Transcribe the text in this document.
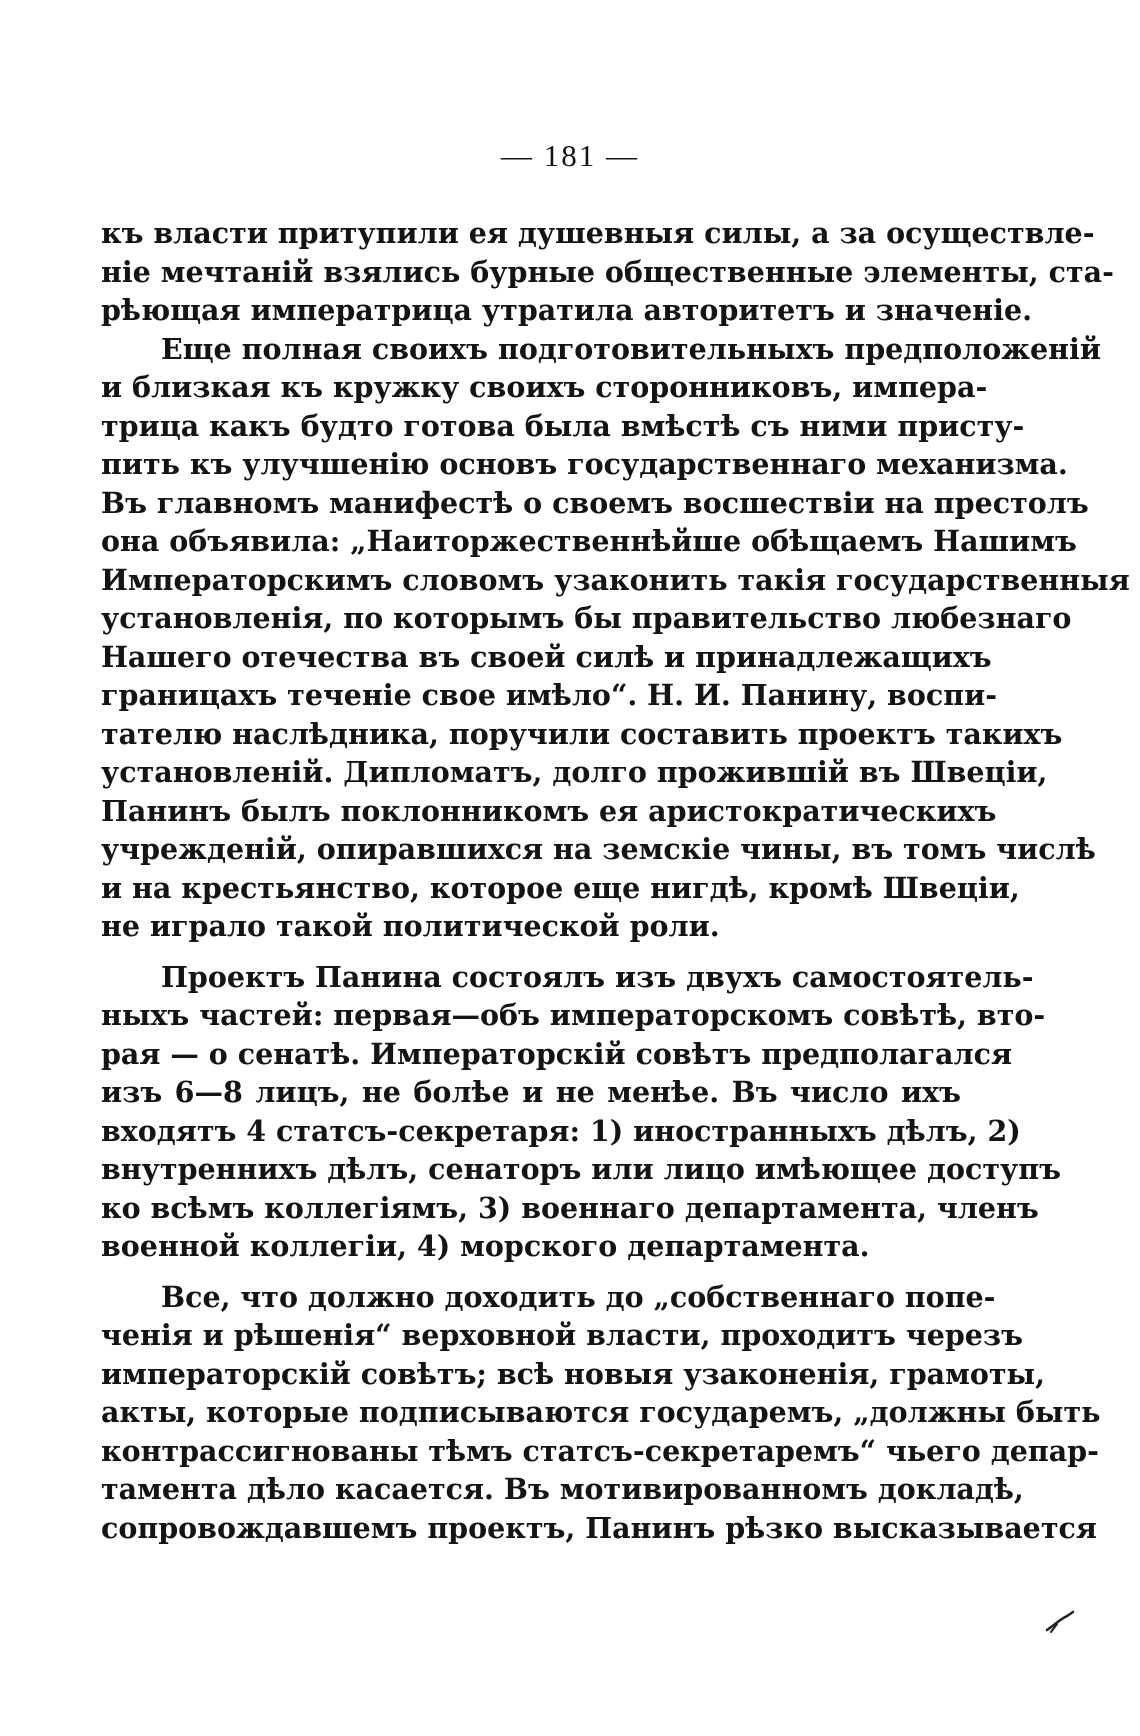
— 181 —
къ власти притупили ея душевныя силы, а за осуществле-
ніе мечтаній взялись бурные общественные элементы, ста-
рѣющая императрица утратила авторитетъ и значеніе.
Еще полная своихъ подготовительныхъ предположеній
и близкая къ кружку своихъ сторонниковъ, импера-
трица какъ будто готова была вмѣстѣ съ ними присту-
пить къ улучшенію основъ государственнаго механизма.
Въ главномъ манифестѣ о своемъ восшествіи на престолъ
она объявила: „Наиторжественнѣйше обѣщаемъ Нашимъ
Императорскимъ словомъ узаконить такія государственныя
установленія, по которымъ бы правительство любезнаго
Нашего отечества въ своей силѣ и принадлежащихъ
границахъ теченіе свое имѣло“. Н. И. Панину, воспи-
тателю наслѣдника, поручили составить проектъ такихъ
установленій. Дипломатъ, долго прожившій въ Швеціи,
Панинъ былъ поклонникомъ ея аристократическихъ
учрежденій, опиравшихся на земскіе чины, въ томъ числѣ
и на крестьянство, которое еще нигдѣ, кромѣ Швеціи,
не играло такой политической роли.
Проектъ Панина состоялъ изъ двухъ самостоятель-
ныхъ частей: первая—объ императорскомъ совѣтѣ, вто-
рая — о сенатѣ. Императорскій совѣтъ предполагался
изъ 6—8 лицъ, не болѣе и не менѣе. Въ число ихъ
входятъ 4 статсъ-секретаря: 1) иностранныхъ дѣлъ, 2)
внутреннихъ дѣлъ, сенаторъ или лицо имѣющее доступъ
ко всѣмъ коллегіямъ, 3) военнаго департамента, членъ
военной коллегіи, 4) морского департамента.
Все, что должно доходить до „собственнаго попе-
ченія и рѣшенія“ верховной власти, проходитъ черезъ
императорскій совѣтъ; всѣ новыя узаконенія, грамоты,
акты, которые подписываются государемъ, „должны быть
контрассигнованы тѣмъ статсъ-секретаремъ“ чьего депар-
тамента дѣло касается. Въ мотивированномъ докладѣ,
сопровождавшемъ проектъ, Панинъ рѣзко высказывается
